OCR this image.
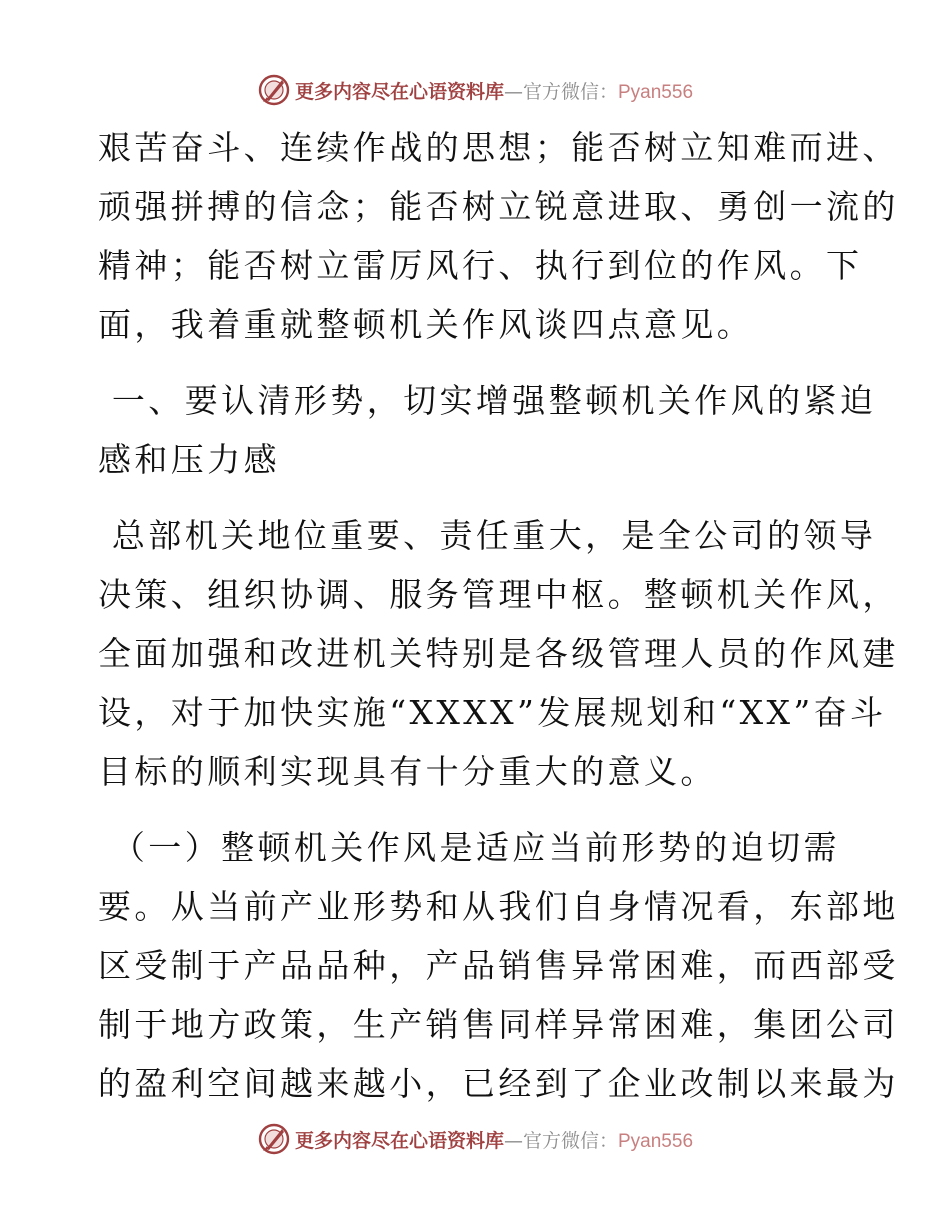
更多内容尽在心语资料库—官方微信：Pyan556
艰苦奋斗、连续作战的思想；能否树立知难而进、
顽强拼搏的信念；能否树立锐意进取、勇创一流的
精神；能否树立雷厉风行、执行到位的作风。下
面，我着重就整顿机关作风谈四点意见。
一、要认清形势，切实增强整顿机关作风的紧迫
感和压力感
总部机关地位重要、责任重大，是全公司的领导
决策、组织协调、服务管理中枢。整顿机关作风，
全面加强和改进机关特别是各级管理人员的作风建
设，对于加快实施“XXXX”发展规划和“XX”奋斗
目标的顺利实现具有十分重大的意义。
（一）整顿机关作风是适应当前形势的迫切需
要。从当前产业形势和从我们自身情况看，东部地
区受制于产品品种，产品销售异常困难，而西部受
制于地方政策，生产销售同样异常困难，集团公司
的盈利空间越来越小，已经到了企业改制以来最为
更多内容尽在心语资料库—官方微信：Pyan556
